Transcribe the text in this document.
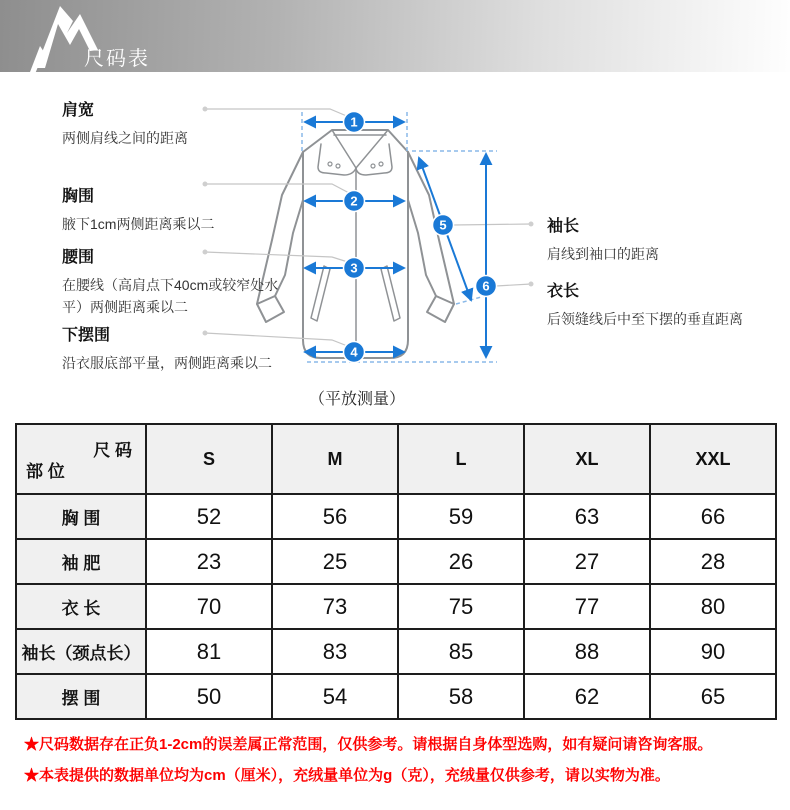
尺码表
1
2
3
4
5
6

肩宽

两侧肩线之间的距离

胸围

腋下1cm两侧距离乘以二

腰围

在腰线（高肩点下40cm或较窄处水平）两侧距离乘以二

下摆围

沿衣服底部平量，两侧距离乘以二

袖长

肩线到袖口的距离

衣长

后领缝线后中至下摆的垂直距离

（平放测量）
尺 码
部 位	S	M	L	XL	XXL
胸 围	52	56	59	63	66
袖 肥	23	25	26	27	28
衣 长	70	73	75	77	80
袖长（颈点长）	81	83	85	88	90
摆 围	50	54	58	62	65

★尺码数据存在正负1-2cm的误差属正常范围，仅供参考。请根据自身体型选购，如有疑问请咨询客服。

★本表提供的数据单位均为cm（厘米），充绒量单位为g（克），充绒量仅供参考，请以实物为准。
